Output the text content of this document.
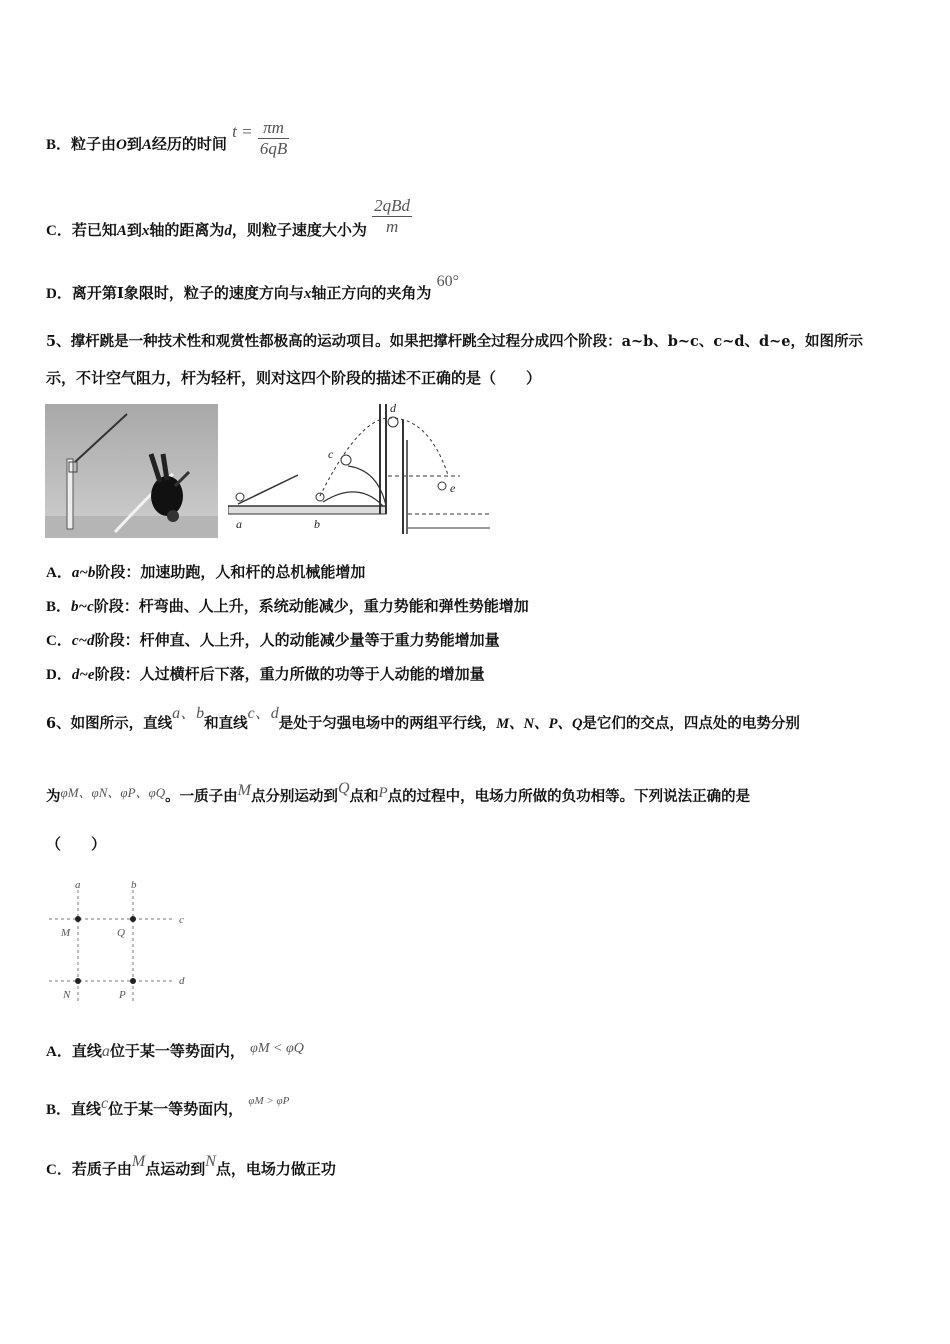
B．粒子由O到A经历的时间 $t = \frac{\pi m}{6qB}$
C．若已知A到x轴的距离为d，则粒子速度大小为 $\frac{\text{2qBd}}{m}$
D．离开第Ⅰ象限时，粒子的速度方向与x轴正方向的夹角为 60°
5、撑杆跳是一种技术性和观赏性都极高的运动项目。如果把撑杆跳全过程分成四个阶段：a~b、b~c、c~d、d~e，如图所示
示，不计空气阻力，杆为轻杆，则对这四个阶段的描述不正确的是（　　）
a	b
c
d
e
A．a~b阶段：加速助跑，人和杆的总机械能增加
B．b~c阶段：杆弯曲、人上升，系统动能减少，重力势能和弹性势能增加
C．c~d阶段：杆伸直、人上升，人的动能减少量等于重力势能增加量
D．d~e阶段：人过横杆后下落，重力所做的功等于人动能的增加量
6、如图所示，直线a、b和直线c、d是处于匀强电场中的两组平行线，M、N、P、Q是它们的交点，四点处的电势分别
为φM、φN、φP、φQ。一质子由M点分别运动到Q点和P点的过程中，电场力所做的负功相等。下列说法正确的是
（　　）
a	b
c
d
M	Q
N	P
A．直线a位于某一等势面内， φM < φQ
B．直线c位于某一等势面内， $^{\varphi M > \varphi P}$
C．若质子由M点运动到N点，电场力做正功
